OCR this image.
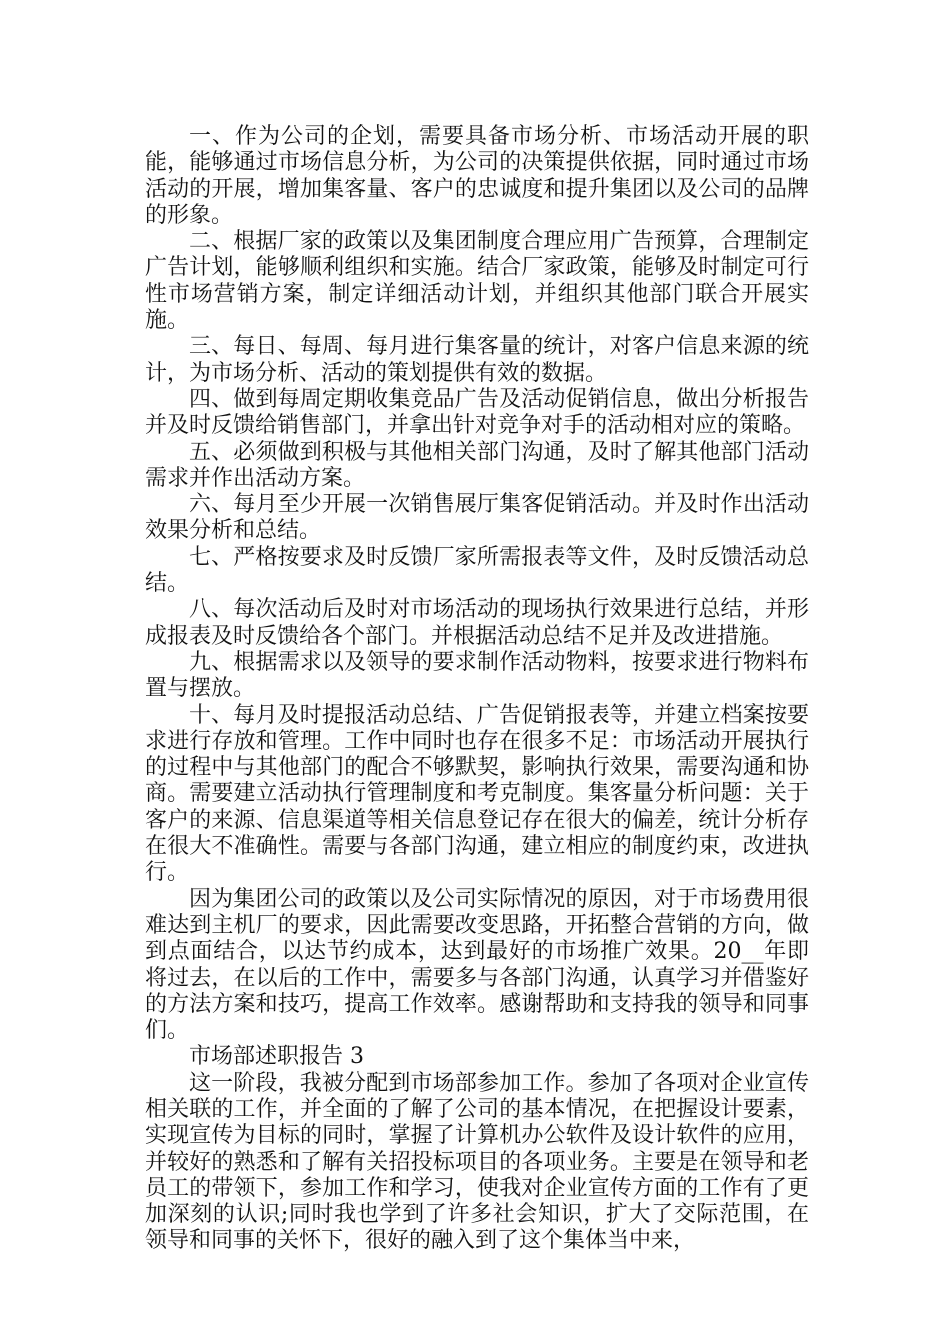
一、作为公司的企划，需要具备市场分析、市场活动开展的职能，能够通过市场信息分析，为公司的决策提供依据，同时通过市场活动的开展，增加集客量、客户的忠诚度和提升集团以及公司的品牌的形象。

二、根据厂家的政策以及集团制度合理应用广告预算，合理制定广告计划，能够顺利组织和实施。结合厂家政策，能够及时制定可行性市场营销方案，制定详细活动计划，并组织其他部门联合开展实施。

三、每日、每周、每月进行集客量的统计，对客户信息来源的统计，为市场分析、活动的策划提供有效的数据。

四、做到每周定期收集竞品广告及活动促销信息，做出分析报告并及时反馈给销售部门，并拿出针对竞争对手的活动相对应的策略。

五、必须做到积极与其他相关部门沟通，及时了解其他部门活动需求并作出活动方案。

六、每月至少开展一次销售展厅集客促销活动。并及时作出活动效果分析和总结。

七、严格按要求及时反馈厂家所需报表等文件，及时反馈活动总结。

八、每次活动后及时对市场活动的现场执行效果进行总结，并形成报表及时反馈给各个部门。并根据活动总结不足并及改进措施。

九、根据需求以及领导的要求制作活动物料，按要求进行物料布置与摆放。

十、每月及时提报活动总结、广告促销报表等，并建立档案按要求进行存放和管理。工作中同时也存在很多不足：市场活动开展执行的过程中与其他部门的配合不够默契，影响执行效果，需要沟通和协商。需要建立活动执行管理制度和考克制度。集客量分析问题：关于客户的来源、信息渠道等相关信息登记存在很大的偏差，统计分析存在很大不准确性。需要与各部门沟通，建立相应的制度约束，改进执行。

因为集团公司的政策以及公司实际情况的原因，对于市场费用很难达到主机厂的要求，因此需要改变思路，开拓整合营销的方向，做到点面结合，以达节约成本，达到最好的市场推广效果。20__年即将过去，在以后的工作中，需要多与各部门沟通，认真学习并借鉴好的方法方案和技巧，提高工作效率。感谢帮助和支持我的领导和同事们。

市场部述职报告 3

这一阶段，我被分配到市场部参加工作。参加了各项对企业宣传相关联的工作，并全面的了解了公司的基本情况，在把握设计要素，实现宣传为目标的同时，掌握了计算机办公软件及设计软件的应用，并较好的熟悉和了解有关招投标项目的各项业务。主要是在领导和老员工的带领下，参加工作和学习，使我对企业宣传方面的工作有了更加深刻的认识;同时我也学到了许多社会知识，扩大了交际范围，在领导和同事的关怀下，很好的融入到了这个集体当中来，
